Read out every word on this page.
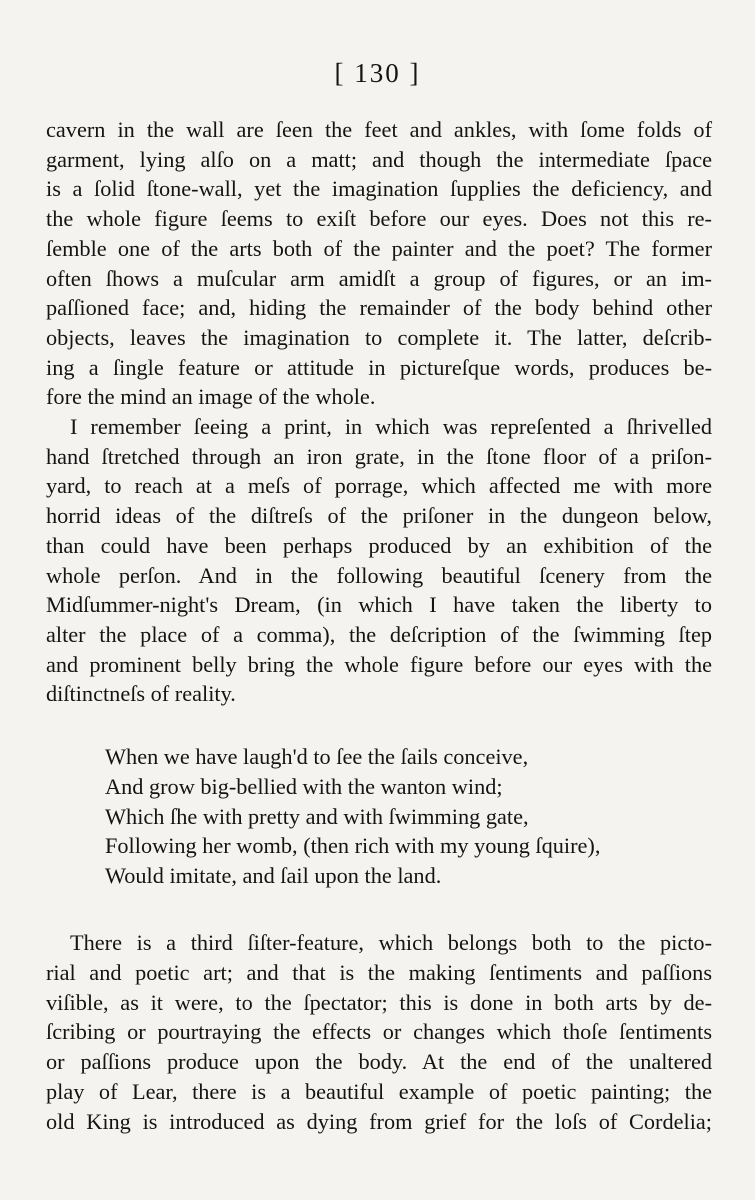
[ 130 ]
cavern in the wall are ſeen the feet and ankles, with ſome folds of
garment, lying alſo on a matt; and though the intermediate ſpace
is a ſolid ſtone-wall, yet the imagination ſupplies the deficiency, and
the whole figure ſeems to exiſt before our eyes. Does not this re-
ſemble one of the arts both of the painter and the poet? The former
often ſhows a muſcular arm amidſt a group of figures, or an im-
paſſioned face; and, hiding the remainder of the body behind other
objects, leaves the imagination to complete it. The latter, deſcrib-
ing a ſingle feature or attitude in pictureſque words, produces be-
fore the mind an image of the whole.
I remember ſeeing a print, in which was repreſented a ſhrivelled
hand ſtretched through an iron grate, in the ſtone floor of a priſon-
yard, to reach at a meſs of porrage, which affected me with more
horrid ideas of the diſtreſs of the priſoner in the dungeon below,
than could have been perhaps produced by an exhibition of the
whole perſon. And in the following beautiful ſcenery from the
Midſummer-night's Dream, (in which I have taken the liberty to
alter the place of a comma), the deſcription of the ſwimming ſtep
and prominent belly bring the whole figure before our eyes with the
diſtinctneſs of reality.
When we have laugh'd to ſee the ſails conceive,
And grow big-bellied with the wanton wind;
Which ſhe with pretty and with ſwimming gate,
Following her womb, (then rich with my young ſquire),
Would imitate, and ſail upon the land.
There is a third ſiſter-feature, which belongs both to the picto-
rial and poetic art; and that is the making ſentiments and paſſions
viſible, as it were, to the ſpectator; this is done in both arts by de-
ſcribing or pourtraying the effects or changes which thoſe ſentiments
or paſſions produce upon the body. At the end of the unaltered
play of Lear, there is a beautiful example of poetic painting; the
old King is introduced as dying from grief for the loſs of Cordelia;
